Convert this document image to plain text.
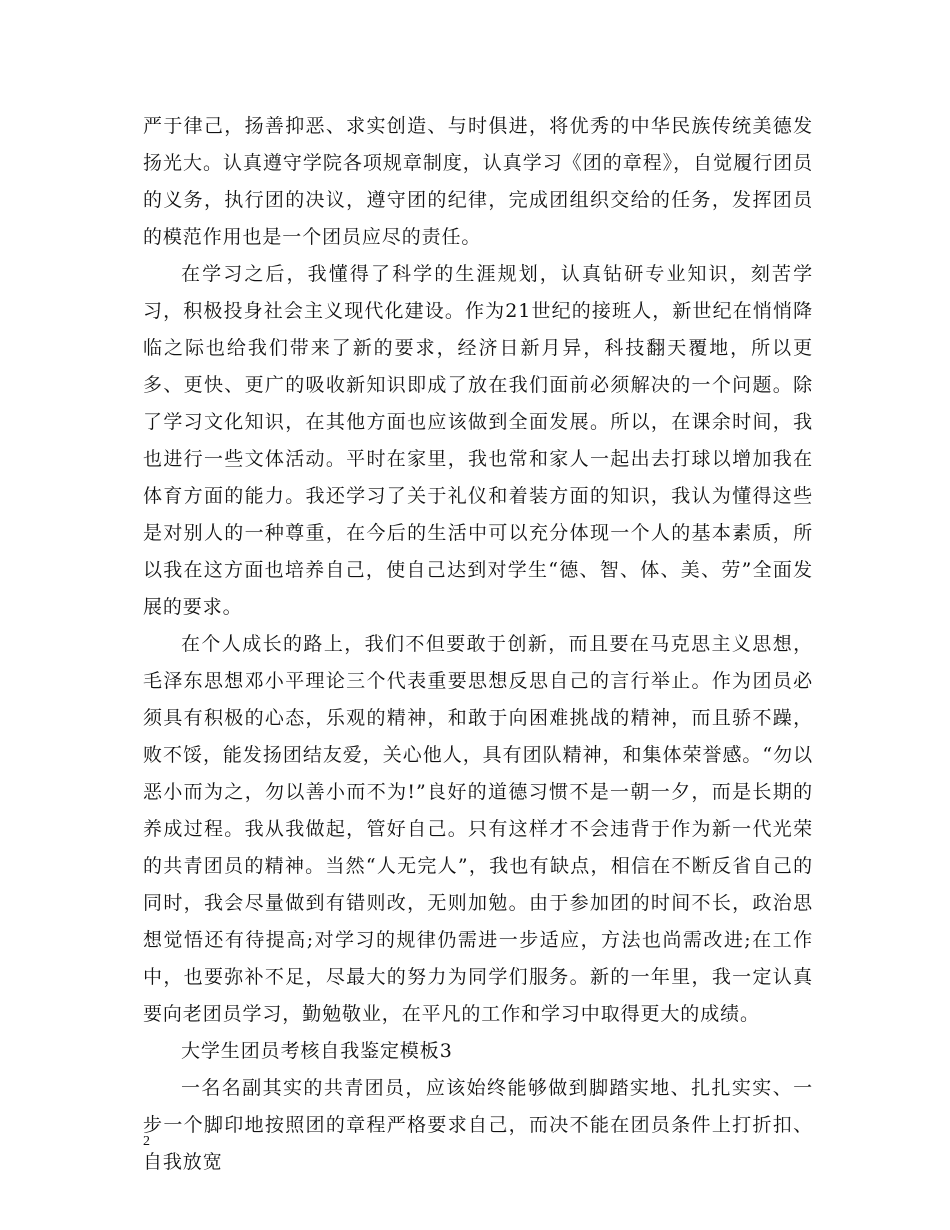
严于律己，扬善抑恶、求实创造、与时俱进，将优秀的中华民族传统美德发扬光大。认真遵守学院各项规章制度，认真学习《团的章程》，自觉履行团员的义务，执行团的决议，遵守团的纪律，完成团组织交给的任务，发挥团员的模范作用也是一个团员应尽的责任。

在学习之后，我懂得了科学的生涯规划，认真钻研专业知识，刻苦学习，积极投身社会主义现代化建设。作为21世纪的接班人，新世纪在悄悄降临之际也给我们带来了新的要求，经济日新月异，科技翻天覆地，所以更多、更快、更广的吸收新知识即成了放在我们面前必须解决的一个问题。除了学习文化知识，在其他方面也应该做到全面发展。所以，在课余时间，我也进行一些文体活动。平时在家里，我也常和家人一起出去打球以增加我在体育方面的能力。我还学习了关于礼仪和着装方面的知识，我认为懂得这些是对别人的一种尊重，在今后的生活中可以充分体现一个人的基本素质，所以我在这方面也培养自己，使自己达到对学生“德、智、体、美、劳”全面发展的要求。

在个人成长的路上，我们不但要敢于创新，而且要在马克思主义思想，毛泽东思想邓小平理论三个代表重要思想反思自己的言行举止。作为团员必须具有积极的心态，乐观的精神，和敢于向困难挑战的精神，而且骄不躁，败不馁，能发扬团结友爱，关心他人，具有团队精神，和集体荣誉感。“勿以恶小而为之，勿以善小而不为!”良好的道德习惯不是一朝一夕，而是长期的养成过程。我从我做起，管好自己。只有这样才不会违背于作为新一代光荣的共青团员的精神。当然“人无完人”，我也有缺点，相信在不断反省自己的同时，我会尽量做到有错则改，无则加勉。由于参加团的时间不长，政治思想觉悟还有待提高;对学习的规律仍需进一步适应，方法也尚需改进;在工作中，也要弥补不足，尽最大的努力为同学们服务。新的一年里，我一定认真要向老团员学习，勤勉敬业，在平凡的工作和学习中取得更大的成绩。

大学生团员考核自我鉴定模板3

一名名副其实的共青团员，应该始终能够做到脚踏实地、扎扎实实、一步一个脚印地按照团的章程严格要求自己，而决不能在团员条件上打折扣、自我放宽

2
